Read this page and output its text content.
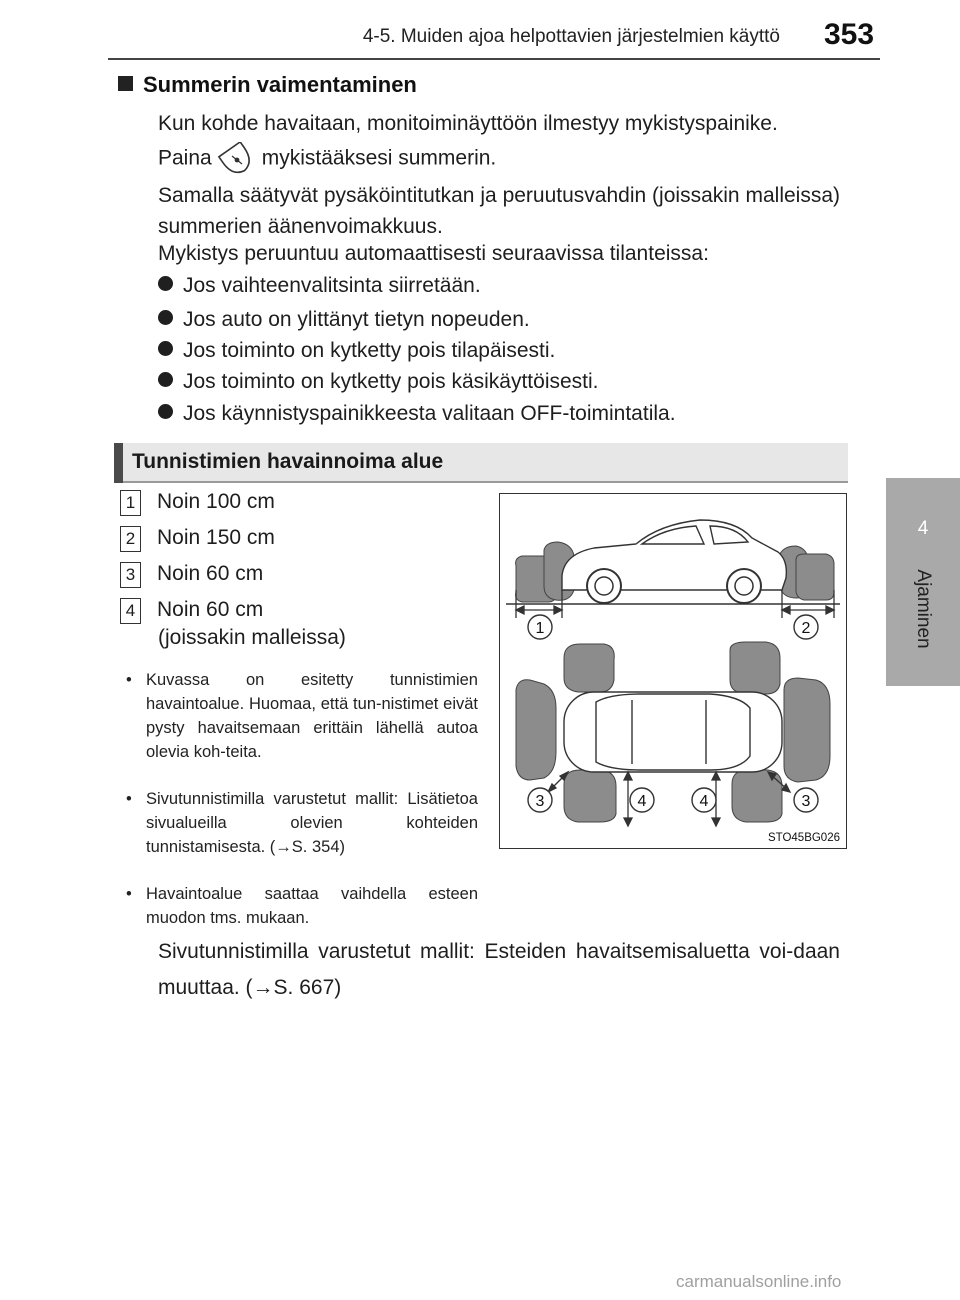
4-5. Muiden ajoa helpottavien järjestelmien käyttö 353
4
Ajaminen
Summerin vaimentaminen
Kun kohde havaitaan, monitoiminäyttöön ilmestyy mykistyspainike.
Paina mykistääksesi summerin.
Samalla säätyvät pysäköintitutkan ja peruutusvahdin (joissakin malleissa) summerien äänenvoimakkuus.
Mykistys peruuntuu automaattisesti seuraavissa tilanteissa:
Jos vaihteenvalitsinta siirretään.
Jos auto on ylittänyt tietyn nopeuden.
Jos toiminto on kytketty pois tilapäisesti.
Jos toiminto on kytketty pois käsikäyttöisesti.
Jos käynnistyspainikkeesta valitaan OFF-toimintatila.
Tunnistimien havainnoima alue
1 Noin 100 cm
2 Noin 150 cm
3 Noin 60 cm
4 Noin 60 cm
(joissakin malleissa)
• Kuvassa on esitetty tunnistimien havaintoalue. Huomaa, että tun-nistimet eivät pysty havaitsemaan erittäin lähellä autoa olevia koh-teita.
• Sivutunnistimilla varustetut mallit: Lisätietoa sivualueilla olevien kohteiden tunnistamisesta. (→S. 354)
• Havaintoalue saattaa vaihdella esteen muodon tms. mukaan.
1	2
3	4	4	3
STO45BG026
Sivutunnistimilla varustetut mallit: Esteiden havaitsemisaluetta voi-daan muuttaa. (→S. 667)
carmanualsonline.info
